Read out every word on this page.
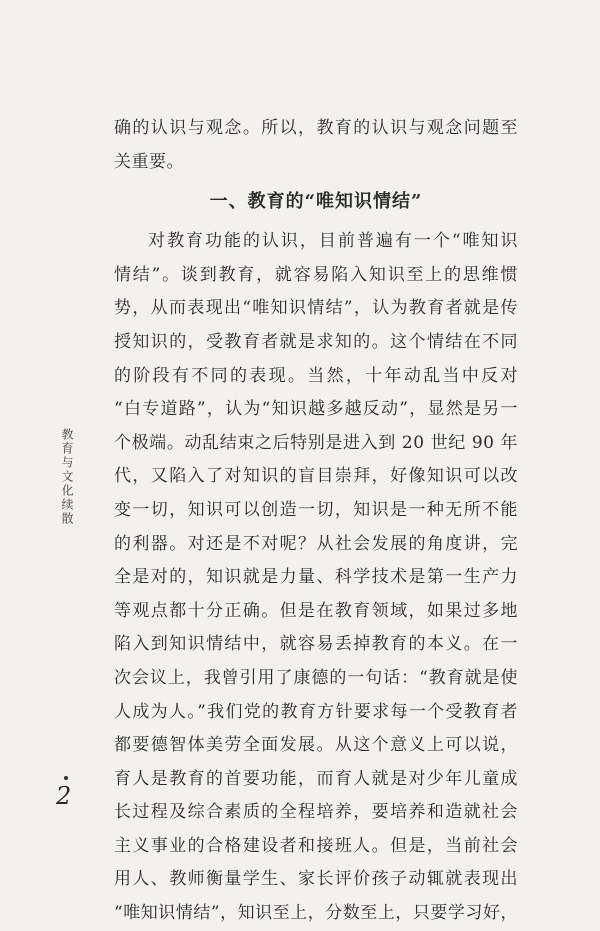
教育与文化续散
2
确的认识与观念。所以，教育的认识与观念问题至
关重要。
一、教育的“唯知识情结”
对教育功能的认识，目前普遍有一个“唯知识
情结”。谈到教育，就容易陷入知识至上的思维惯
势，从而表现出“唯知识情结”，认为教育者就是传
授知识的，受教育者就是求知的。这个情结在不同
的阶段有不同的表现。当然，十年动乱当中反对
“白专道路”，认为“知识越多越反动”，显然是另一
个极端。动乱结束之后特别是进入到 20 世纪 90 年
代，又陷入了对知识的盲目崇拜，好像知识可以改
变一切，知识可以创造一切，知识是一种无所不能
的利器。对还是不对呢？从社会发展的角度讲，完
全是对的，知识就是力量、科学技术是第一生产力
等观点都十分正确。但是在教育领域，如果过多地
陷入到知识情结中，就容易丢掉教育的本义。在一
次会议上，我曾引用了康德的一句话：“教育就是使
人成为人。”我们党的教育方针要求每一个受教育者
都要德智体美劳全面发展。从这个意义上可以说，
育人是教育的首要功能，而育人就是对少年儿童成
长过程及综合素质的全程培养，要培养和造就社会
主义事业的合格建设者和接班人。但是，当前社会
用人、教师衡量学生、家长评价孩子动辄就表现出
“唯知识情结”，知识至上，分数至上，只要学习好，
